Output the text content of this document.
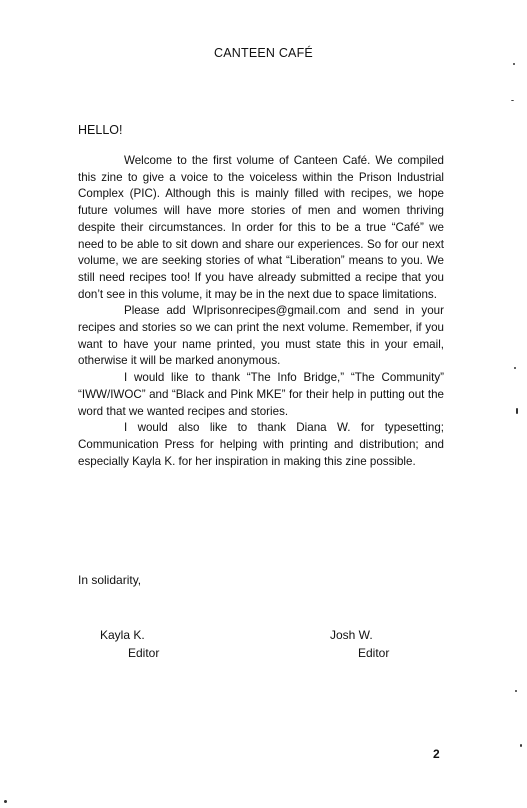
CANTEEN CAFÉ
HELLO!

Welcome to the first volume of Canteen Café. We compiled this zine to give a voice to the voiceless within the Prison Industrial Complex (PIC). Although this is mainly filled with recipes, we hope future volumes will have more stories of men and women thriving despite their circumstances. In order for this to be a true “Café” we need to be able to sit down and share our experiences. So for our next volume, we are seeking stories of what “Liberation” means to you. We still need recipes too! If you have already submitted a recipe that you don’t see in this volume, it may be in the next due to space limitations.

Please add WIprisonrecipes@gmail.com and send in your recipes and stories so we can print the next volume. Remember, if you want to have your name printed, you must state this in your email, otherwise it will be marked anonymous.

I would like to thank “The Info Bridge,” “The Community” “IWW/IWOC” and “Black and Pink MKE” for their help in putting out the word that we wanted recipes and stories.

I would also like to thank Diana W. for typesetting; Communication Press for helping with printing and distribution; and especially Kayla K. for her inspiration in making this zine possible.

In solidarity,
Kayla K.
Editor
Josh W.
Editor
2
